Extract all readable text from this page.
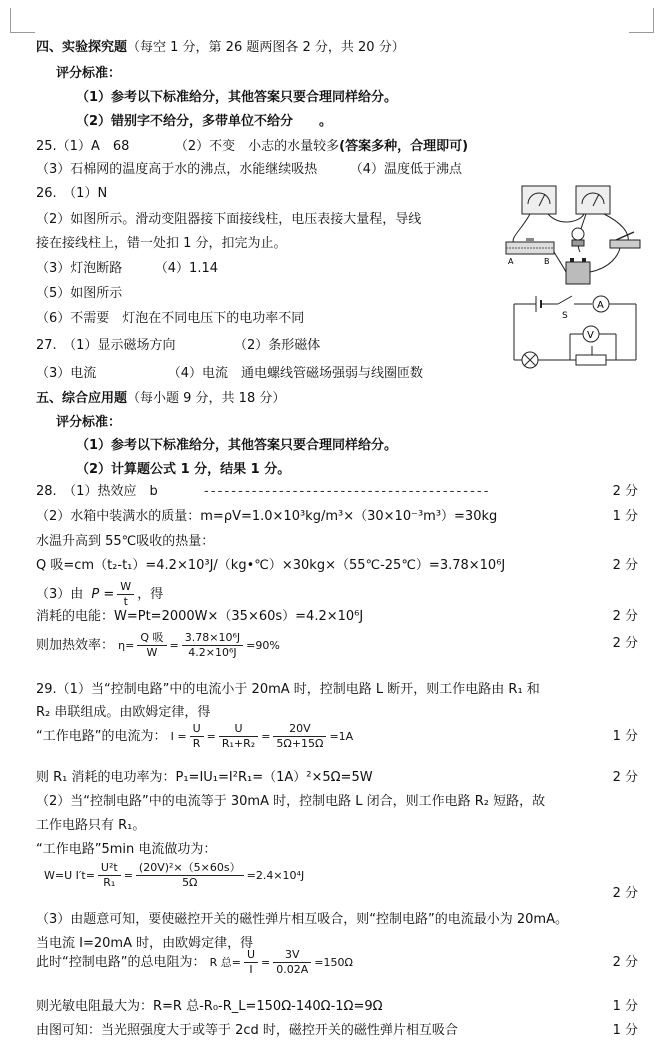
四、实验探究题（每空 1 分，第 26 题两图各 2 分，共 20 分）
评分标准：
（1）参考以下标准给分，其他答案只要合理同样给分。
（2）错别字不给分，多带单位不给分　　。
25.（1）A　68　　　　（2）不变　小志的水量较多(答案多种，合理即可)
（3）石棉网的温度高于水的沸点，水能继续吸热　　　（4）温度低于沸点
26.　（1）N
（2）如图所示。滑动变阻器接下面接线柱，电压表接大量程，导线
接在接线柱上，错一处扣 1 分，扣完为止。
（3）灯泡断路　　　（4）1.14
（5）如图所示
（6）不需要　灯泡在不同电压下的电功率不同
A	B
S
A
V
27.　（1）显示磁场方向　　　　　（2）条形磁体
（3）电流　　　　　　（4）电流　通电螺线管磁场强弱与线圈匝数
五、综合应用题（每小题 9 分，共 18 分）
评分标准：
（1）参考以下标准给分，其他答案只要合理同样给分。
（2）计算题公式 1 分，结果 1 分。
28.　（1）热效应　b	- - - - - - - - - - - - - - - - - - - - - - - - - - - - - - - - - - - - - - - - - -	2 分
（2）水箱中装满水的质量：m=ρV=1.0×10³kg/m³×（30×10⁻³m³）=30kg	1 分
水温升高到 55℃吸收的热量：
Q 吸=cm（t₂-t₁）=4.2×10³J/（kg•℃）×30kg×（55℃-25℃）=3.78×10⁶J	2 分
（3）由 $P = \frac{W}{t}$ ，得
消耗的电能：W=Pt=2000W×（35×60s）=4.2×10⁶J	2 分
则加热效率： $\eta= \frac{\text{Q 吸}}{W} = \frac{\text{3.78×10⁶J}}{\text{4.2×10⁶J}} =90\%$	2 分
29.（1）当“控制电路”中的电流小于 20mA 时，控制电路 L 断开，则工作电路由 R₁ 和
R₂ 串联组成。由欧姆定律，得
“工作电路”的电流为： $I = \frac{U}{R} = \frac{U}{\text{R₁+R₂}} = \frac{20V}{5\Omega+15\Omega} =1A$	1 分
则 R₁ 消耗的电功率为：P₁=IU₁=I²R₁=（1A）²×5Ω=5W	2 分
（2）当“控制电路”中的电流等于 30mA 时，控制电路 L 闭合，则工作电路 R₂ 短路，故
工作电路只有 R₁。
“工作电路”5min 电流做功为：
W=U $I't= \frac{\text{U²t}}{\text{R₁}} = \frac{\text{(20V)²×（5×60s）}}{5\Omega} =2.4\times 10^4J$
2 分
（3）由题意可知，要使磁控开关的磁性弹片相互吸合，则“控制电路”的电流最小为 20mA。
当电流 I=20mA 时，由欧姆定律，得
此时“控制电路”的总电阻为： R 总= $\frac{U}{I} = \frac{3V}{0.02A} =150\Omega$	2 分
则光敏电阻最大为：R=R 总-R₀-R_L=150Ω-140Ω-1Ω=9Ω	1 分
由图可知：当光照强度大于或等于 2cd 时，磁控开关的磁性弹片相互吸合	1 分
